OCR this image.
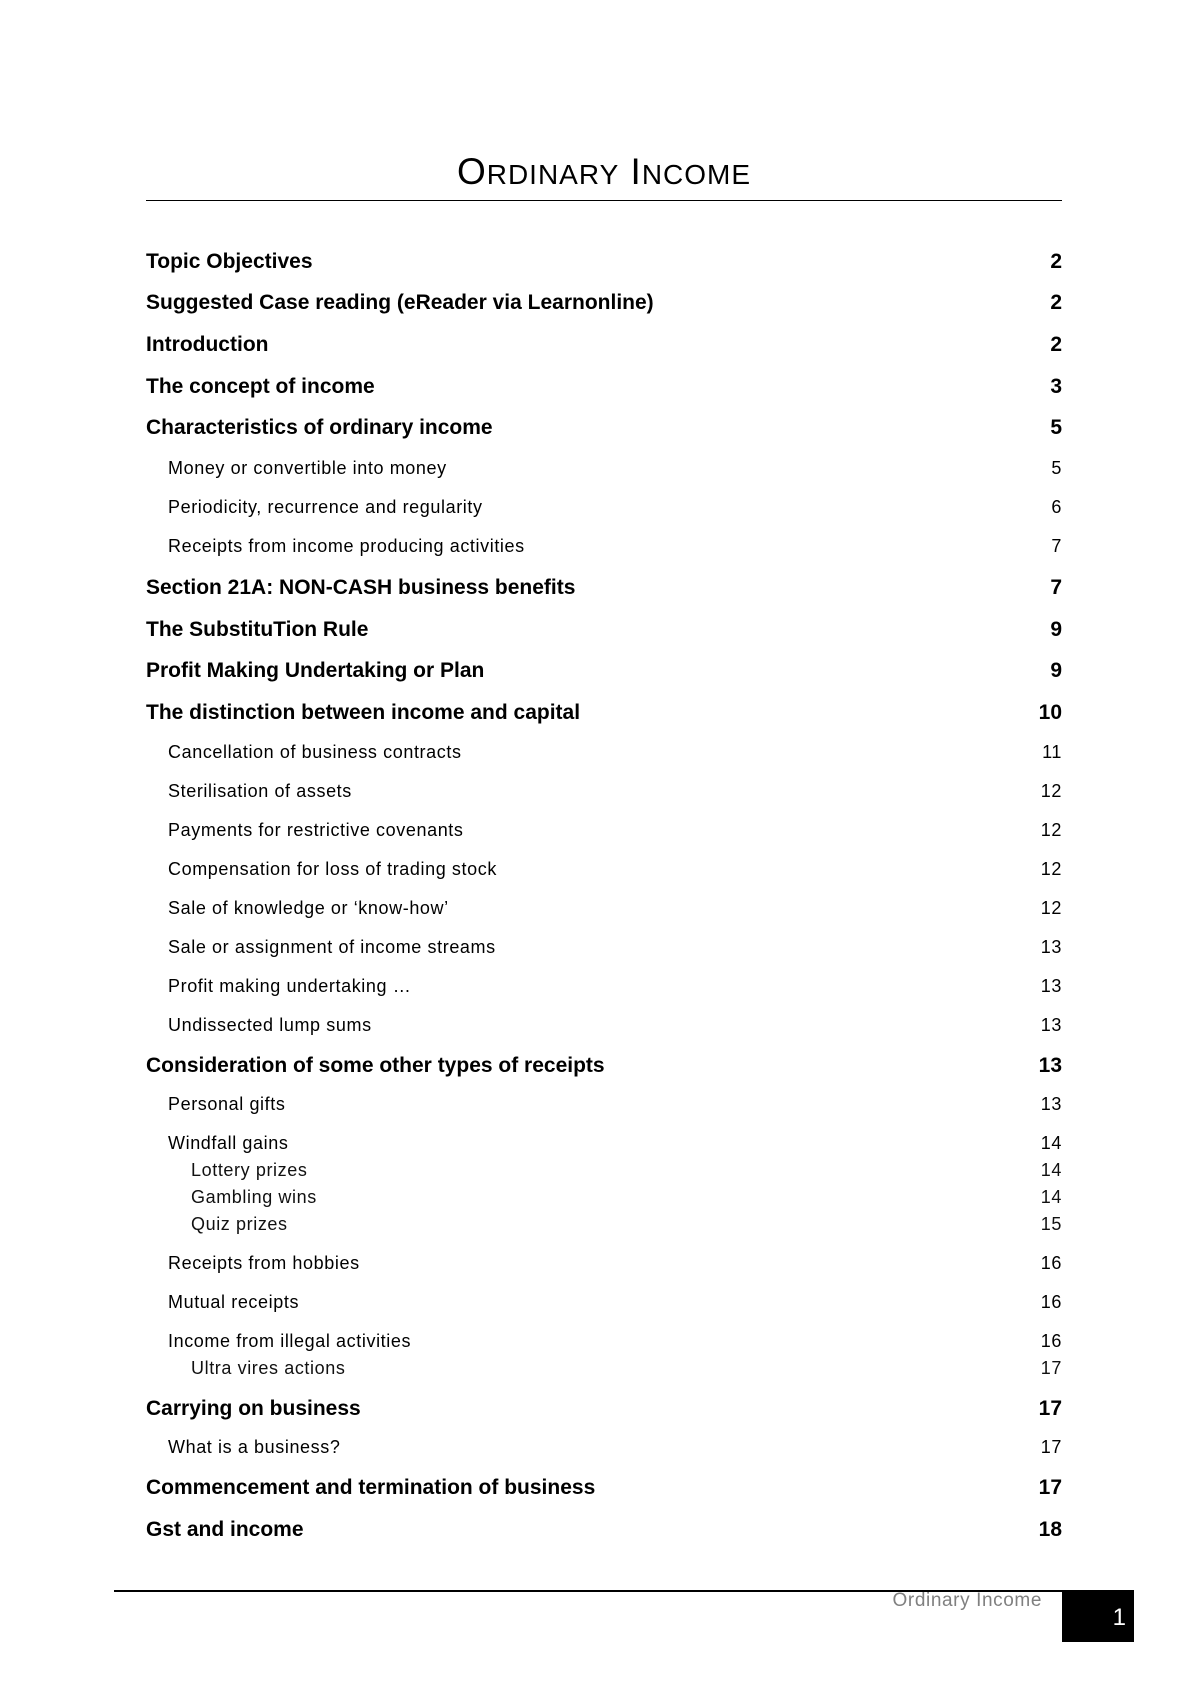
ORDINARY INCOME
Topic Objectives	2
Suggested Case reading (eReader via Learnonline)	2
Introduction	2
The concept of income	3
Characteristics of ordinary income	5
Money or convertible into money	5
Periodicity, recurrence and regularity	6
Receipts from income producing activities	7
Section 21A: NON-CASH business benefits	7
The SubstituTion Rule	9
Profit Making Undertaking or Plan	9
The distinction between income and capital	10
Cancellation of business contracts	11
Sterilisation of assets	12
Payments for restrictive covenants	12
Compensation for loss of trading stock	12
Sale of knowledge or ‘know-how’	12
Sale or assignment of income streams	13
Profit making undertaking …	13
Undissected lump sums	13
Consideration of some other types of receipts	13
Personal gifts	13
Windfall gains	14
Lottery prizes	14
Gambling wins	14
Quiz prizes	15
Receipts from hobbies	16
Mutual receipts	16
Income from illegal activities	16
Ultra vires actions	17
Carrying on business	17
What is a business?	17
Commencement and termination of business	17
Gst and income	18
Ordinary Income
1
